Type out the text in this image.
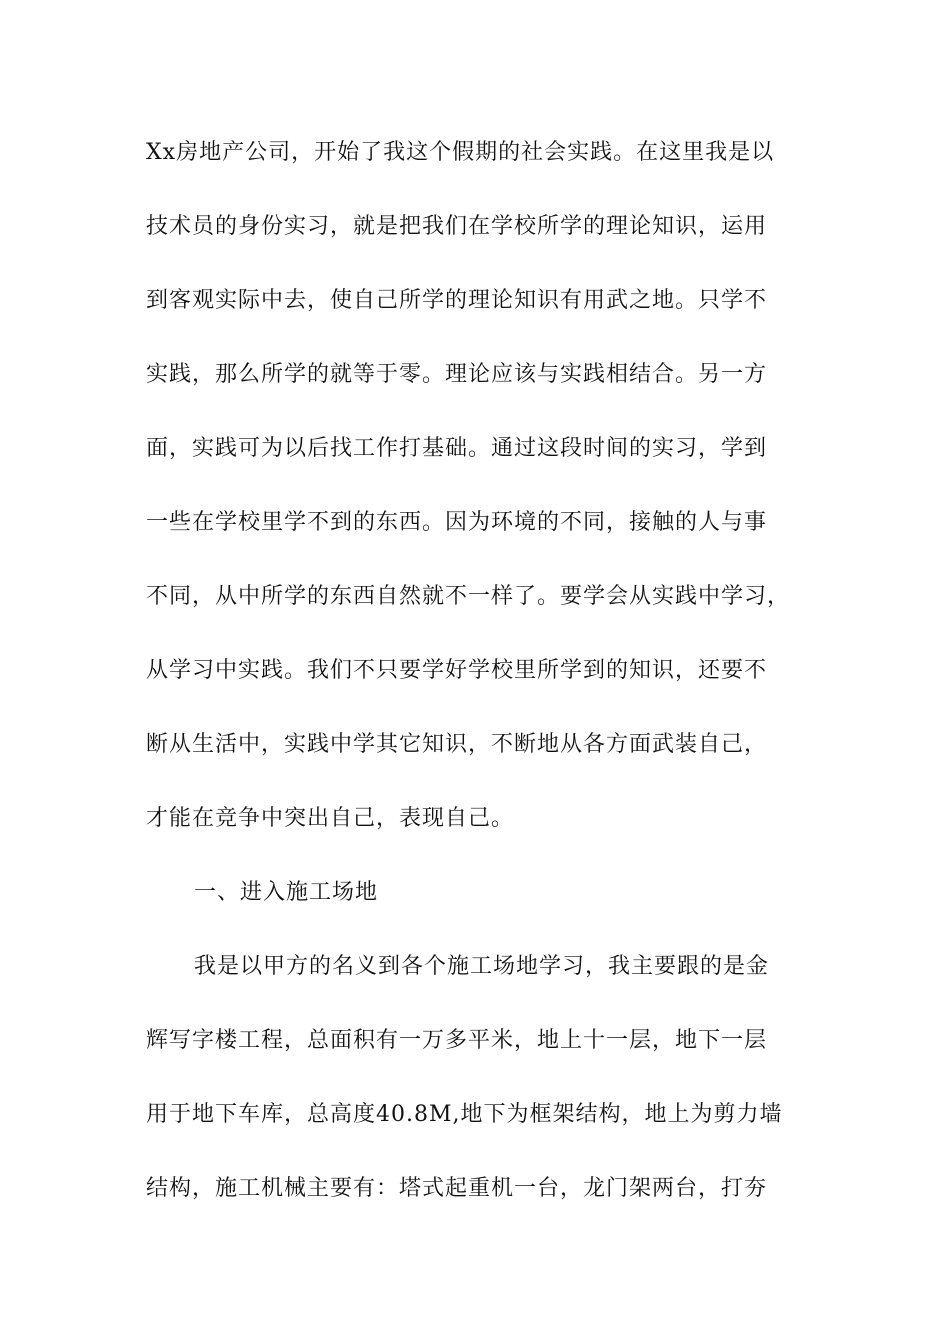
Xx房地产公司，开始了我这个假期的社会实践。在这里我是以
技术员的身份实习，就是把我们在学校所学的理论知识，运用
到客观实际中去，使自己所学的理论知识有用武之地。只学不
实践，那么所学的就等于零。理论应该与实践相结合。另一方
面，实践可为以后找工作打基础。通过这段时间的实习，学到
一些在学校里学不到的东西。因为环境的不同，接触的人与事
不同，从中所学的东西自然就不一样了。要学会从实践中学习，
从学习中实践。我们不只要学好学校里所学到的知识，还要不
断从生活中，实践中学其它知识，不断地从各方面武装自己，
才能在竞争中突出自己，表现自己。
一、进入施工场地
我是以甲方的名义到各个施工场地学习，我主要跟的是金
辉写字楼工程，总面积有一万多平米，地上十一层，地下一层
用于地下车库，总高度40.8M,地下为框架结构，地上为剪力墙
结构，施工机械主要有：塔式起重机一台，龙门架两台，打夯
